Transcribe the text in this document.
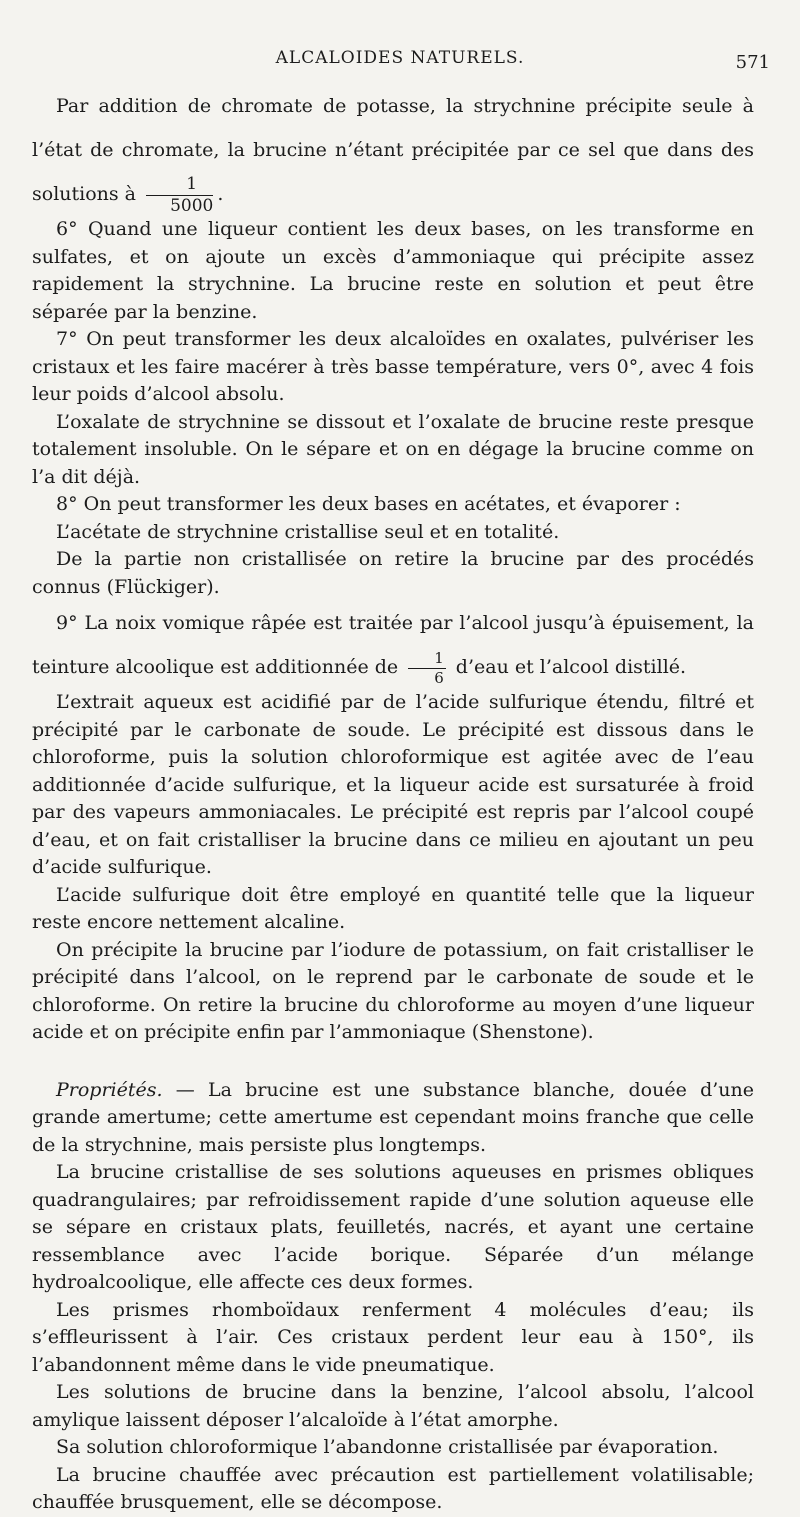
ALCALOIDES NATURELS.	571

Par addition de chromate de potasse, la strychnine précipite seule à l’état de chromate, la brucine n’étant précipitée par ce sel que dans des solutions à $\frac{1}{5000}$ .

6° Quand une liqueur contient les deux bases, on les transforme en sulfates, et on ajoute un excès d’ammoniaque qui précipite assez rapidement la strychnine. La brucine reste en solution et peut être séparée par la benzine.

7° On peut transformer les deux alcaloïdes en oxalates, pulvériser les cristaux et les faire macérer à très basse température, vers 0°, avec 4 fois leur poids d’alcool absolu.

L’oxalate de strychnine se dissout et l’oxalate de brucine reste presque totalement insoluble. On le sépare et on en dégage la brucine comme on l’a dit déjà.

8° On peut transformer les deux bases en acétates, et évaporer :

L’acétate de strychnine cristallise seul et en totalité.

De la partie non cristallisée on retire la brucine par des procédés connus (Flückiger).

9° La noix vomique râpée est traitée par l’alcool jusqu’à épuisement, la teinture alcoolique est additionnée de $\frac{1}{6}$ d’eau et l’alcool distillé.

L’extrait aqueux est acidifié par de l’acide sulfurique étendu, filtré et précipité par le carbonate de soude. Le précipité est dissous dans le chloroforme, puis la solution chloroformique est agitée avec de l’eau additionnée d’acide sulfurique, et la liqueur acide est sursaturée à froid par des vapeurs ammoniacales. Le précipité est repris par l’alcool coupé d’eau, et on fait cristalliser la brucine dans ce milieu en ajoutant un peu d’acide sulfurique.

L’acide sulfurique doit être employé en quantité telle que la liqueur reste encore nettement alcaline.

On précipite la brucine par l’iodure de potassium, on fait cristalliser le précipité dans l’alcool, on le reprend par le carbonate de soude et le chloroforme. On retire la brucine du chloroforme au moyen d’une liqueur acide et on précipite enfin par l’ammoniaque (Shenstone).

Propriétés. — La brucine est une substance blanche, douée d’une grande amertume; cette amertume est cependant moins franche que celle de la strychnine, mais persiste plus longtemps.

La brucine cristallise de ses solutions aqueuses en prismes obliques quadrangulaires; par refroidissement rapide d’une solution aqueuse elle se sépare en cristaux plats, feuilletés, nacrés, et ayant une certaine ressemblance avec l’acide borique. Séparée d’un mélange hydroalcoolique, elle affecte ces deux formes.

Les prismes rhomboïdaux renferment 4 molécules d’eau; ils s’effleurissent à l’air. Ces cristaux perdent leur eau à 150°, ils l’abandonnent même dans le vide pneumatique.

Les solutions de brucine dans la benzine, l’alcool absolu, l’alcool amylique laissent déposer l’alcaloïde à l’état amorphe.

Sa solution chloroformique l’abandonne cristallisée par évaporation.

La brucine chauffée avec précaution est partiellement volatilisable; chauffée brusquement, elle se décompose.
